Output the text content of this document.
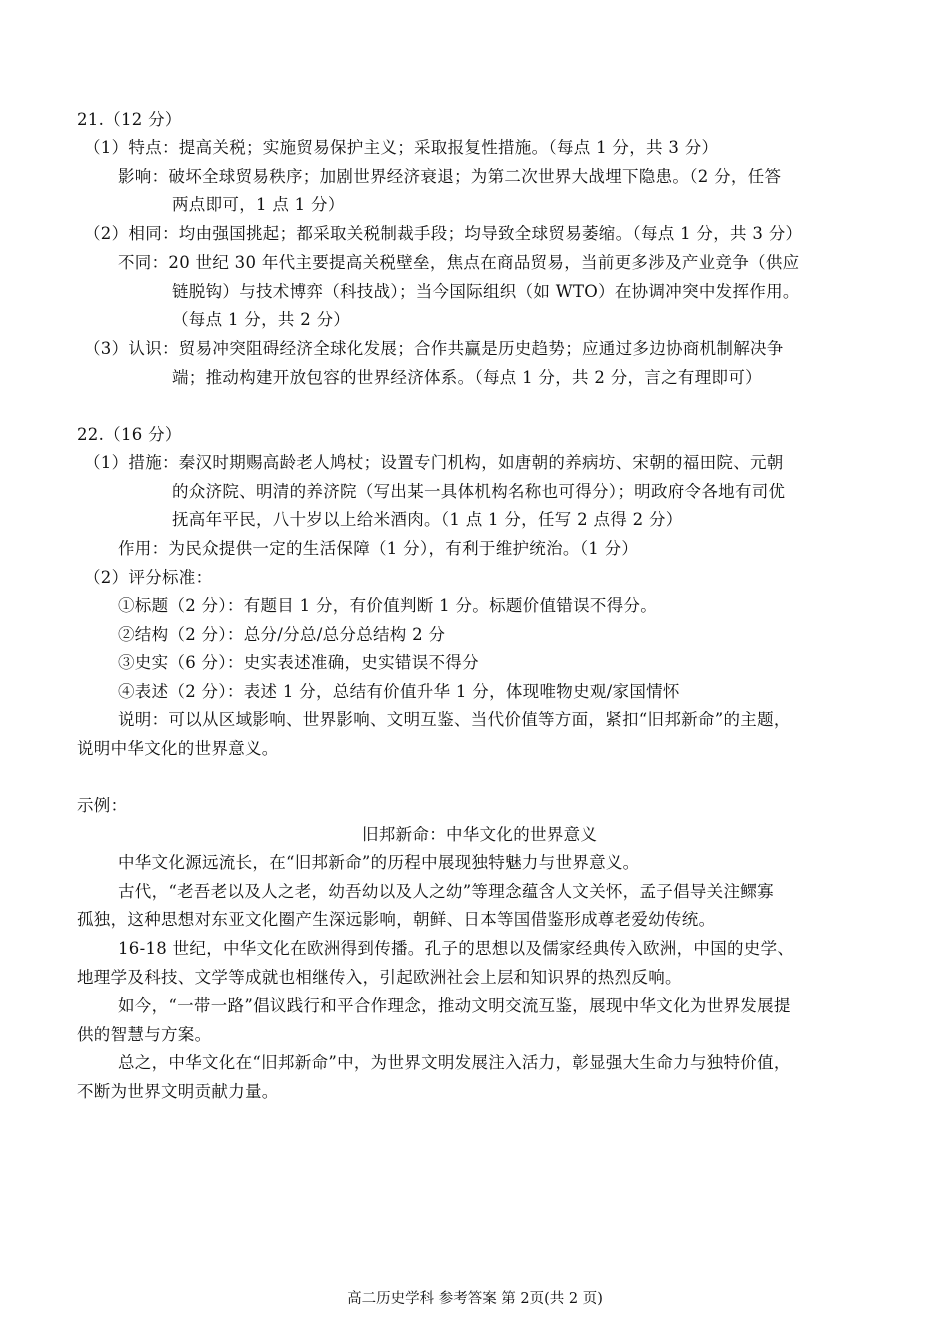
21.（12 分）
（1）特点：提高关税；实施贸易保护主义；采取报复性措施。（每点 1 分，共 3 分）
影响：破坏全球贸易秩序；加剧世界经济衰退；为第二次世界大战埋下隐患。（2 分，任答
两点即可，1 点 1 分）
（2）相同：均由强国挑起；都采取关税制裁手段；均导致全球贸易萎缩。（每点 1 分，共 3 分）
不同：20 世纪 30 年代主要提高关税壁垒，焦点在商品贸易，当前更多涉及产业竞争（供应
链脱钩）与技术博弈（科技战）；当今国际组织（如 WTO）在协调冲突中发挥作用。
（每点 1 分，共 2 分）
（3）认识：贸易冲突阻碍经济全球化发展；合作共赢是历史趋势；应通过多边协商机制解决争
端；推动构建开放包容的世界经济体系。（每点 1 分，共 2 分，言之有理即可）
22.（16 分）
（1）措施：秦汉时期赐高龄老人鸠杖；设置专门机构，如唐朝的养病坊、宋朝的福田院、元朝
的众济院、明清的养济院（写出某一具体机构名称也可得分）；明政府令各地有司优
抚高年平民，八十岁以上给米酒肉。（1 点 1 分，任写 2 点得 2 分）
作用：为民众提供一定的生活保障（1 分），有利于维护统治。（1 分）
（2）评分标准：
①标题（2 分）：有题目 1 分，有价值判断 1 分。标题价值错误不得分。
②结构（2 分）：总分/分总/总分总结构 2 分
③史实（6 分）：史实表述准确，史实错误不得分
④表述（2 分）：表述 1 分，总结有价值升华 1 分，体现唯物史观/家国情怀
说明：可以从区域影响、世界影响、文明互鉴、当代价值等方面，紧扣“旧邦新命”的主题，
说明中华文化的世界意义。
示例：
旧邦新命：中华文化的世界意义
中华文化源远流长，在“旧邦新命”的历程中展现独特魅力与世界意义。
古代，“老吾老以及人之老，幼吾幼以及人之幼”等理念蕴含人文关怀，孟子倡导关注鳏寡
孤独，这种思想对东亚文化圈产生深远影响，朝鲜、日本等国借鉴形成尊老爱幼传统。
16-18 世纪，中华文化在欧洲得到传播。孔子的思想以及儒家经典传入欧洲，中国的史学、
地理学及科技、文学等成就也相继传入，引起欧洲社会上层和知识界的热烈反响。
如今，“一带一路”倡议践行和平合作理念，推动文明交流互鉴，展现中华文化为世界发展提
供的智慧与方案。
总之，中华文化在“旧邦新命”中，为世界文明发展注入活力，彰显强大生命力与独特价值，
不断为世界文明贡献力量。
高二历史学科 参考答案 第 2页(共 2 页)
